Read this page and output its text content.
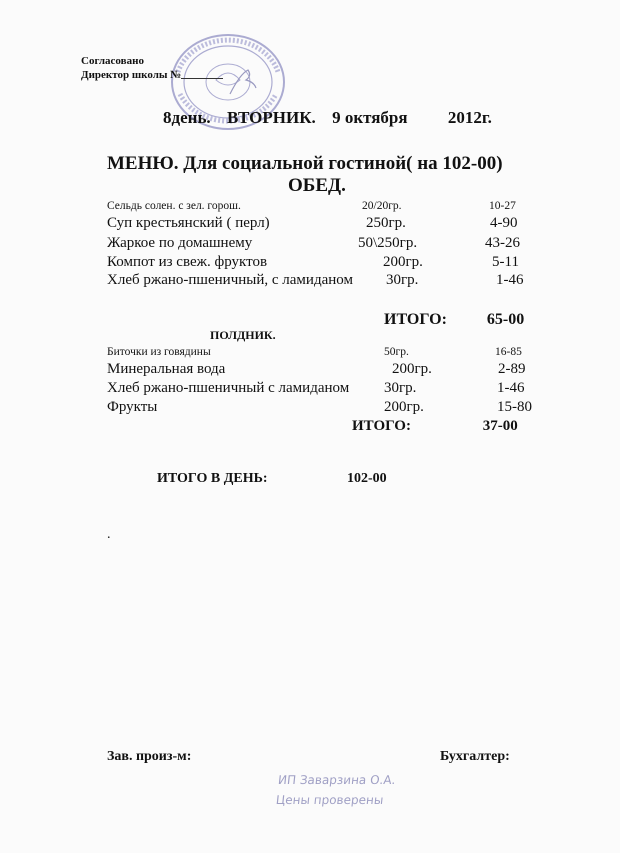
Согласовано
Директор школы №
8день. ВТОРНИК. 9 октября 2012г.
МЕНЮ. Для социальной гостиной( на 102-00)
ОБЕД.
Сельдь солен. с зел. горош.	20/20гр.	10-27
Суп крестьянский ( перл)	250гр.	4-90
Жаркое по домашнему	50\250гр.	43-26
Компот из свеж. фруктов	200гр.	5-11
Хлеб ржано-пшеничный, с ламиданом 30гр.	1-46
ИТОГО:	65-00
ПОЛДНИК.
Биточки из говядины	50гр.	16-85
Минеральная вода	200гр.	2-89
Хлеб ржано-пшеничный с ламиданом 30гр.	1-46
Фрукты	200гр.	15-80
ИТОГО:	37-00
ИТОГО В ДЕНЬ:	102-00
.
Зав. произ-м:	Бухгалтер:
ИП Заварзина О.А.
Цены проверены
